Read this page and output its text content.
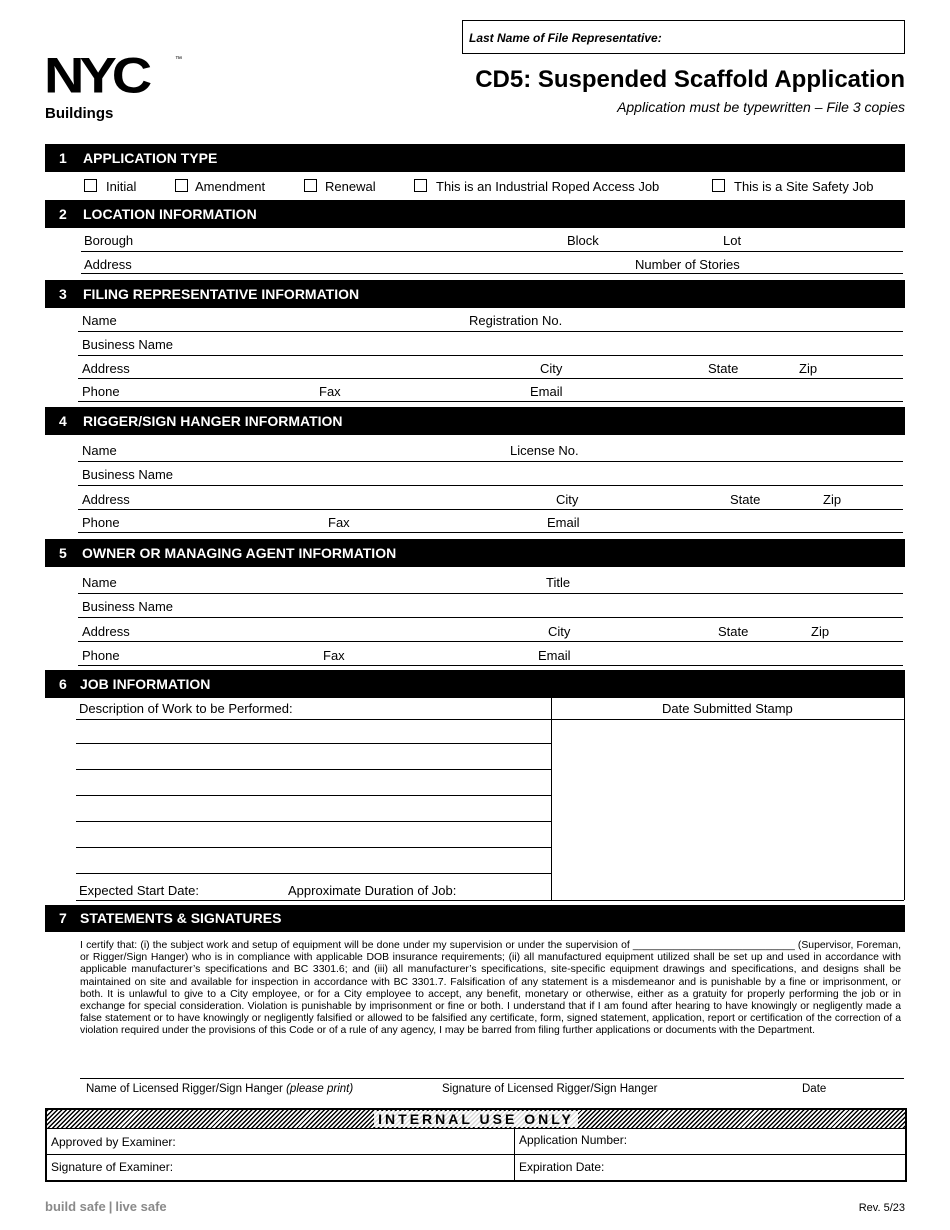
Last Name of File Representative:
NYC	™
Buildings
CD5: Suspended Scaffold Application
Application must be typewritten – File 3 copies
1 APPLICATION TYPE
Initial	Amendment	Renewal	This is an Industrial Roped Access Job	This is a Site Safety Job
2 LOCATION INFORMATION
Borough	Block	Lot
Address	Number of Stories
3 FILING REPRESENTATIVE INFORMATION
Name	Registration No.
Business Name
Address	City	State	Zip
Phone	Fax	Email
4 RIGGER/SIGN HANGER INFORMATION
Name	License No.
Business Name
Address	City	State	Zip
Phone	Fax	Email
5 OWNER OR MANAGING AGENT INFORMATION
Name	Title
Business Name
Address	City	State	Zip
Phone	Fax	Email
6 JOB INFORMATION
Description of Work to be Performed:	Date Submitted Stamp
Expected Start Date:	Approximate Duration of Job:
7 STATEMENTS & SIGNATURES
I certify that: (i) the subject work and setup of equipment will be done under my supervision or under the supervision of ____________________________ (Supervisor, Foreman, or Rigger/Sign Hanger) who is in compliance with applicable DOB insurance requirements; (ii) all manufactured equipment utilized shall be set up and used in accordance with applicable manufacturer’s specifications and BC 3301.6; and (iii) all manufacturer’s specifications, site-specific equipment drawings and specifications, and designs shall be maintained on site and available for inspection in accordance with BC 3301.7. Falsification of any statement is a misdemeanor and is punishable by a fine or imprisonment, or both. It is unlawful to give to a City employee, or for a City employee to accept, any benefit, monetary or otherwise, either as a gratuity for properly performing the job or in exchange for special consideration. Violation is punishable by imprisonment or fine or both. I understand that if I am found after hearing to have knowingly or negligently made a false statement or to have knowingly or negligently falsified or allowed to be falsified any certificate, form, signed statement, application, report or certification of the correction of a violation required under the provisions of this Code or of a rule of any agency, I may be barred from filing further applications or documents with the Department.
Name of Licensed Rigger/Sign Hanger (please print)	Signature of Licensed Rigger/Sign Hanger	Date
INTERNAL USE ONLY
Approved by Examiner:	Application Number:
Signature of Examiner:	Expiration Date:
build safe | live safe	Rev. 5/23
